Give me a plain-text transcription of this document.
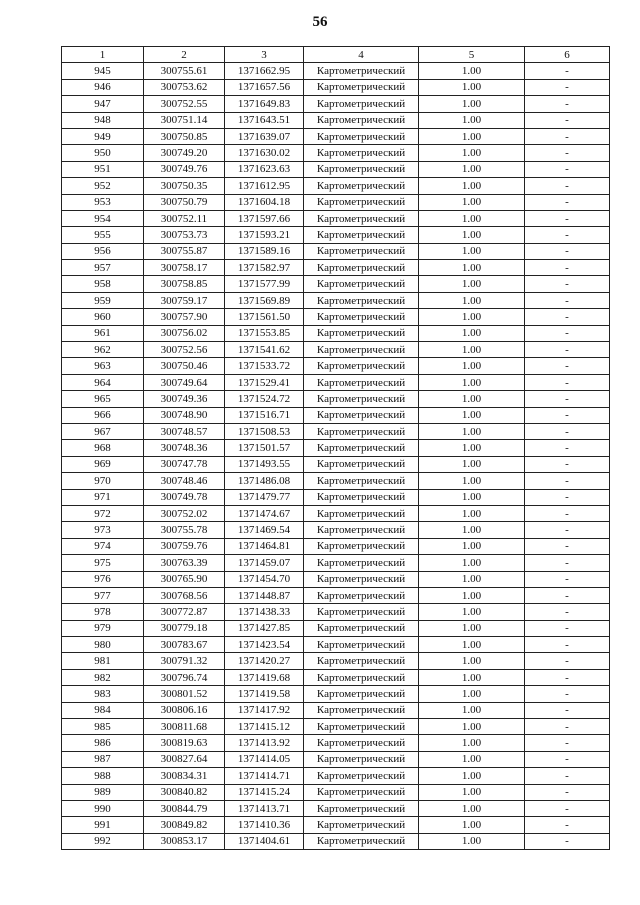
56
1	2	3	4	5	6
945	300755.61	1371662.95	Картометрический	1.00	-
946	300753.62	1371657.56	Картометрический	1.00	-
947	300752.55	1371649.83	Картометрический	1.00	-
948	300751.14	1371643.51	Картометрический	1.00	-
949	300750.85	1371639.07	Картометрический	1.00	-
950	300749.20	1371630.02	Картометрический	1.00	-
951	300749.76	1371623.63	Картометрический	1.00	-
952	300750.35	1371612.95	Картометрический	1.00	-
953	300750.79	1371604.18	Картометрический	1.00	-
954	300752.11	1371597.66	Картометрический	1.00	-
955	300753.73	1371593.21	Картометрический	1.00	-
956	300755.87	1371589.16	Картометрический	1.00	-
957	300758.17	1371582.97	Картометрический	1.00	-
958	300758.85	1371577.99	Картометрический	1.00	-
959	300759.17	1371569.89	Картометрический	1.00	-
960	300757.90	1371561.50	Картометрический	1.00	-
961	300756.02	1371553.85	Картометрический	1.00	-
962	300752.56	1371541.62	Картометрический	1.00	-
963	300750.46	1371533.72	Картометрический	1.00	-
964	300749.64	1371529.41	Картометрический	1.00	-
965	300749.36	1371524.72	Картометрический	1.00	-
966	300748.90	1371516.71	Картометрический	1.00	-
967	300748.57	1371508.53	Картометрический	1.00	-
968	300748.36	1371501.57	Картометрический	1.00	-
969	300747.78	1371493.55	Картометрический	1.00	-
970	300748.46	1371486.08	Картометрический	1.00	-
971	300749.78	1371479.77	Картометрический	1.00	-
972	300752.02	1371474.67	Картометрический	1.00	-
973	300755.78	1371469.54	Картометрический	1.00	-
974	300759.76	1371464.81	Картометрический	1.00	-
975	300763.39	1371459.07	Картометрический	1.00	-
976	300765.90	1371454.70	Картометрический	1.00	-
977	300768.56	1371448.87	Картометрический	1.00	-
978	300772.87	1371438.33	Картометрический	1.00	-
979	300779.18	1371427.85	Картометрический	1.00	-
980	300783.67	1371423.54	Картометрический	1.00	-
981	300791.32	1371420.27	Картометрический	1.00	-
982	300796.74	1371419.68	Картометрический	1.00	-
983	300801.52	1371419.58	Картометрический	1.00	-
984	300806.16	1371417.92	Картометрический	1.00	-
985	300811.68	1371415.12	Картометрический	1.00	-
986	300819.63	1371413.92	Картометрический	1.00	-
987	300827.64	1371414.05	Картометрический	1.00	-
988	300834.31	1371414.71	Картометрический	1.00	-
989	300840.82	1371415.24	Картометрический	1.00	-
990	300844.79	1371413.71	Картометрический	1.00	-
991	300849.82	1371410.36	Картометрический	1.00	-
992	300853.17	1371404.61	Картометрический	1.00	-
